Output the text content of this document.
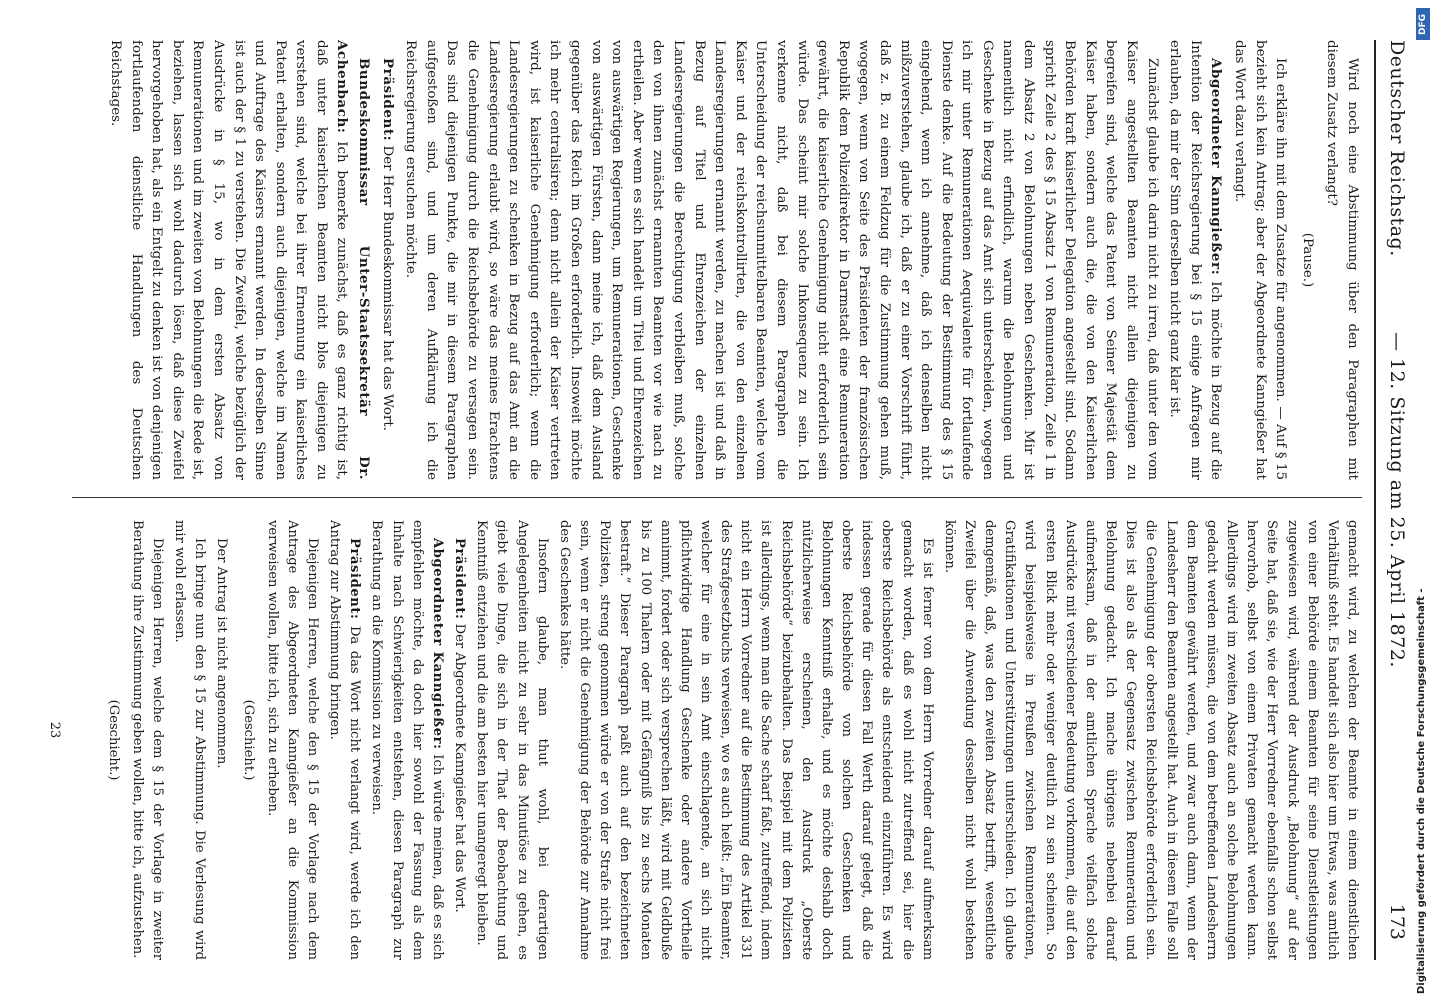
Deutscher Reichstag.
— 12. Sitzung am 25. April 1872.
173

Wird noch eine Abstimmung über den Paragraphen mit diesem Zusatz verlangt?

(Pause.)

Ich erkläre ihn mit dem Zusatze für angenommen. — Auf § 15 bezieht sich kein Antrag; aber der Abgeordnete Kanngießer hat das Wort dazu verlangt.

Abgeordneter Kanngießer: Ich möchte in Bezug auf die Intention der Reichsregierung bei § 15 einige Anfragen mir erlauben, da mir der Sinn derselben nicht ganz klar ist.

Zunächst glaube ich darin nicht zu irren, daß unter den vom Kaiser angestellten Beamten nicht allein diejenigen zu begreifen sind, welche das Patent von Seiner Majestät dem Kaiser haben, sondern auch die, die von den Kaiserlichen Behörden kraft kaiserlicher Delegation angestellt sind. Sodann spricht Zeile 2 des § 15 Absatz 1 von Remuneration, Zeile 1 in dem Absatz 2 von Belohnungen neben Geschenken. Mir ist namentlich nicht erfindlich, warum die Belohnungen und Geschenke in Bezug auf das Amt sich unterscheiden, wogegen ich mir unter Remunerationen Aequivalente für fortlaufende Dienste denke. Auf die Bedeutung der Bestimmung des § 15 eingehend, wenn ich annehme, daß ich denselben nicht mißzuverstehen, glaube ich, daß er zu einer Vorschrift führt, daß z. B. zu einem Feldzug für die Zustimmung gehen muß, wogegen, wenn von Seite des Präsidenten der französischen Republik dem Polizeidirektor in Darmstadt eine Remuneration gewährt, die kaiserliche Genehmigung nicht erforderlich sein würde. Das scheint mir solche Inkonsequenz zu sein. Ich verkenne nicht, daß bei diesem Paragraphen die Unterscheidung der reichsunmittelbaren Beamten, welche vom Kaiser und der reichskontrollirten, die von den einzelnen Landesregierungen ernannt werden, zu machen ist und daß in Bezug auf Titel und Ehrenzeichen der einzelnen Landesregierungen die Berechtigung verbleiben muß, solche den von ihnen zunächst ernannten Beamten vor wie nach zu ertheilen. Aber wenn es sich handelt um Titel und Ehrenzeichen von auswärtigen Regierungen, um Remunerationen, Geschenke von auswärtigen Fürsten, dann meine ich, daß dem Ausland gegenüber das Reich im Großen erforderlich. Insoweit möchte ich mehr centralisiren; denn nicht allein der Kaiser vertreten wird, ist kaiserliche Genehmigung erforderlich; wenn die Landesregierungen zu schenken in Bezug auf das Amt an die Landesregierung erlaubt wird, so wäre das meines Erachtens die Genehmigung durch die Reichsbehörde zu versagen sein. Das sind diejenigen Punkte, die mir in diesem Paragraphen aufgestoßen sind, und um deren Aufklärung ich die Reichsregierung ersuchen möchte.

Präsident: Der Herr Bundeskommissar hat das Wort.

Bundeskommissar Unter-Staatssekretär Dr. Achenbach: Ich bemerke zunächst, daß es ganz richtig ist, daß unter kaiserlichen Beamten nicht blos diejenigen zu verstehen sind, welche bei ihrer Ernennung ein kaiserliches Patent erhalten, sondern auch diejenigen, welche im Namen und Auftrage des Kaisers ernannt werden. In derselben Sinne ist auch der § 1 zu verstehen. Die Zweifel, welche bezüglich der Ausdrücke in § 15, wo in dem ersten Absatz von Remunerationen und im zweiten von Belohnungen die Rede ist, beziehen, lassen sich wohl dadurch lösen, daß diese Zweifel hervorgehoben hat, als ein Entgelt zu denken ist von denjenigen fortlaufenden dienstliche Handlungen des Deutschen Reichstages.

gemacht wird, zu welchen der Beamte in einem dienstlichen Verhältniß steht. Es handelt sich also hier um Etwas, was amtlich von einer Behörde einem Beamten für seine Dienstleistungen zugewiesen wird, während der Ausdruck „Belohnung“ auf der Seite hat, daß sie, wie der Herr Vorredner ebenfalls schon selbst hervorhob, selbst von einem Privaten gemacht werden kann. Allerdings wird im zweiten Absatz auch an solche Belohnungen gedacht werden müssen, die von dem betreffenden Landesherrn dem Beamten gewährt werden, und zwar auch dann, wenn der Landesherr den Beamten angestellt hat. Auch in diesem Falle soll die Genehmigung der obersten Reichsbehörde erforderlich sein. Dies ist also als der Gegensatz zwischen Remuneration und Belohnung gedacht. Ich mache übrigens nebenbei darauf aufmerksam, daß in der amtlichen Sprache vielfach solche Ausdrücke mit verschiedener Bedeutung vorkommen, die auf den ersten Blick mehr oder weniger deutlich zu sein scheinen. So wird beispielsweise in Preußen zwischen Remunerationen, Gratifikationen und Unterstützungen unterschieden. Ich glaube demgemäß, daß, was den zweiten Absatz betrifft, wesentliche Zweifel über die Anwendung desselben nicht wohl bestehen können.

Es ist ferner von dem Herrn Vorredner darauf aufmerksam gemacht worden, daß es wohl nicht zutreffend sei, hier die oberste Reichsbehörde als entscheidend einzuführen. Es wird indessen gerade für diesen Fall Werth darauf gelegt, daß die oberste Reichsbehörde von solchen Geschenken und Belohnungen Kenntniß erhalte, und es möchte deshalb doch nützlicherweise erscheinen, den Ausdruck „Oberste Reichsbehörde“ beizubehalten. Das Beispiel mit dem Polizisten ist allerdings, wenn man die Sache scharf faßt, zutreffend, indem nicht ein Herrn Vorredner auf die Bestimmung des Artikel 331 des Strafgesetzbuchs verweisen, wo es auch heißt: „Ein Beamter, welcher für eine in sein Amt einschlagende, an sich nicht pflichtwidrige Handlung Geschenke oder andere Vortheile annimmt, fordert oder sich versprechen läßt, wird mit Geldbuße bis zu 100 Thalern oder mit Gefängniß bis zu sechs Monaten bestraft.“ Dieser Paragraph paßt auch auf den bezeichneten Polizisten, streng genommen würde er von der Strafe nicht frei sein, wenn er nicht die Genehmigung der Behörde zur Annahme des Geschenkes hätte.

Insofern glaube, man thut wohl, bei derartigen Angelegenheiten nicht zu sehr in das Minutiöse zu gehen, es giebt viele Dinge, die sich in der That der Beobachtung und Kenntniß entziehen und die am besten hier unangeregt bleiben.

Präsident: Der Abgeordnete Kanngießer hat das Wort.

Abgeordneter Kanngießer: Ich würde meinen, daß es sich empfehlen möchte, da doch hier sowohl der Fassung als dem Inhalte nach Schwierigkeiten entstehen, diesen Paragraph zur Berathung an die Kommission zu verweisen.

Präsident: Da das Wort nicht verlangt wird, werde ich den Antrag zur Abstimmung bringen.

Diejenigen Herren, welche den § 15 der Vorlage nach dem Antrage des Abgeordneten Kanngießer an die Kommission verweisen wollen, bitte ich, sich zu erheben.

(Geschieht.)

Der Antrag ist nicht angenommen.

Ich bringe nun den § 15 zur Abstimmung. Die Verlesung wird mir wohl erlassen.

Diejenigen Herren, welche dem § 15 der Vorlage in zweiter Berathung ihre Zustimmung geben wollen, bitte ich, aufzustehen.

(Geschieht.)

23
DFG
Digitalisierung gefördert durch die Deutsche Forschungsgemeinschaft -
